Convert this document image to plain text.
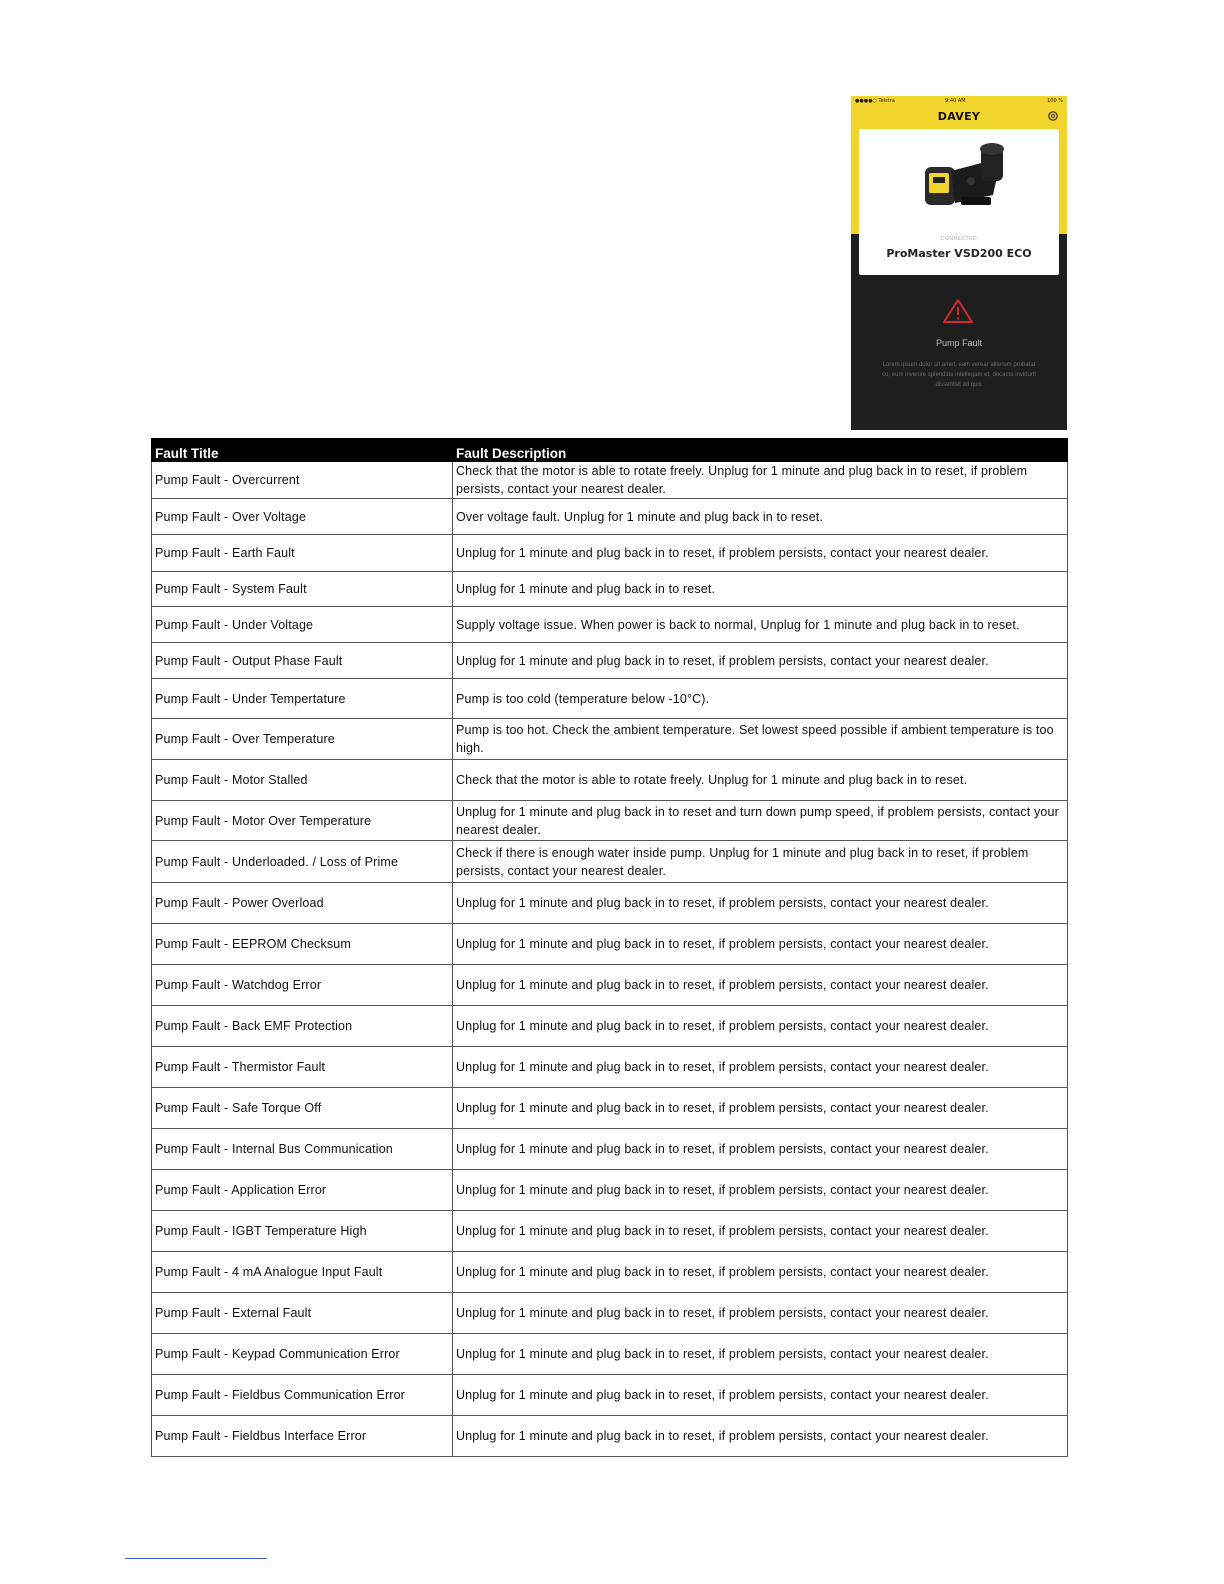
●●●●○ Telstra	9:40 AM	100 %
DAVEY
CONNECTED
ProMaster VSD200 ECO
Pump Fault
Lorem ipsum dolor sit amet, eam verear aliterum probatat cu, eum invenire splendide intellegam et, decacto invidunt dissentiet ad quo.
Fault Title	Fault Description
Pump Fault - Overcurrent	Check that the motor is able to rotate freely. Unplug for 1 minute and plug back in to reset, if problem persists, contact your nearest dealer.
Pump Fault - Over Voltage	Over voltage fault. Unplug for 1 minute and plug back in to reset.
Pump Fault - Earth Fault	Unplug for 1 minute and plug back in to reset, if problem persists, contact your nearest dealer.
Pump Fault - System Fault	Unplug for 1 minute and plug back in to reset.
Pump Fault - Under Voltage	Supply voltage issue. When power is back to normal, Unplug for 1 minute and plug back in to reset.
Pump Fault - Output Phase Fault	Unplug for 1 minute and plug back in to reset, if problem persists, contact your nearest dealer.
Pump Fault - Under Tempertature	Pump is too cold (temperature below -10°C).
Pump Fault - Over Temperature	Pump is too hot. Check the ambient temperature. Set lowest speed possible if ambient temperature is too high.
Pump Fault - Motor Stalled	Check that the motor is able to rotate freely. Unplug for 1 minute and plug back in to reset.
Pump Fault - Motor Over Temperature	Unplug for 1 minute and plug back in to reset and turn down pump speed, if problem persists, contact your nearest dealer.
Pump Fault - Underloaded. / Loss of Prime	Check if there is enough water inside pump. Unplug for 1 minute and plug back in to reset, if problem persists, contact your nearest dealer.
Pump Fault - Power Overload	Unplug for 1 minute and plug back in to reset, if problem persists, contact your nearest dealer.
Pump Fault - EEPROM Checksum	Unplug for 1 minute and plug back in to reset, if problem persists, contact your nearest dealer.
Pump Fault - Watchdog Error	Unplug for 1 minute and plug back in to reset, if problem persists, contact your nearest dealer.
Pump Fault - Back EMF Protection	Unplug for 1 minute and plug back in to reset, if problem persists, contact your nearest dealer.
Pump Fault - Thermistor Fault	Unplug for 1 minute and plug back in to reset, if problem persists, contact your nearest dealer.
Pump Fault - Safe Torque Off	Unplug for 1 minute and plug back in to reset, if problem persists, contact your nearest dealer.
Pump Fault - Internal Bus Communication	Unplug for 1 minute and plug back in to reset, if problem persists, contact your nearest dealer.
Pump Fault - Application Error	Unplug for 1 minute and plug back in to reset, if problem persists, contact your nearest dealer.
Pump Fault - IGBT Temperature High	Unplug for 1 minute and plug back in to reset, if problem persists, contact your nearest dealer.
Pump Fault - 4 mA Analogue Input Fault	Unplug for 1 minute and plug back in to reset, if problem persists, contact your nearest dealer.
Pump Fault - External Fault	Unplug for 1 minute and plug back in to reset, if problem persists, contact your nearest dealer.
Pump Fault - Keypad Communication Error	Unplug for 1 minute and plug back in to reset, if problem persists, contact your nearest dealer.
Pump Fault - Fieldbus Communication Error	Unplug for 1 minute and plug back in to reset, if problem persists, contact your nearest dealer.
Pump Fault - Fieldbus Interface Error	Unplug for 1 minute and plug back in to reset, if problem persists, contact your nearest dealer.
